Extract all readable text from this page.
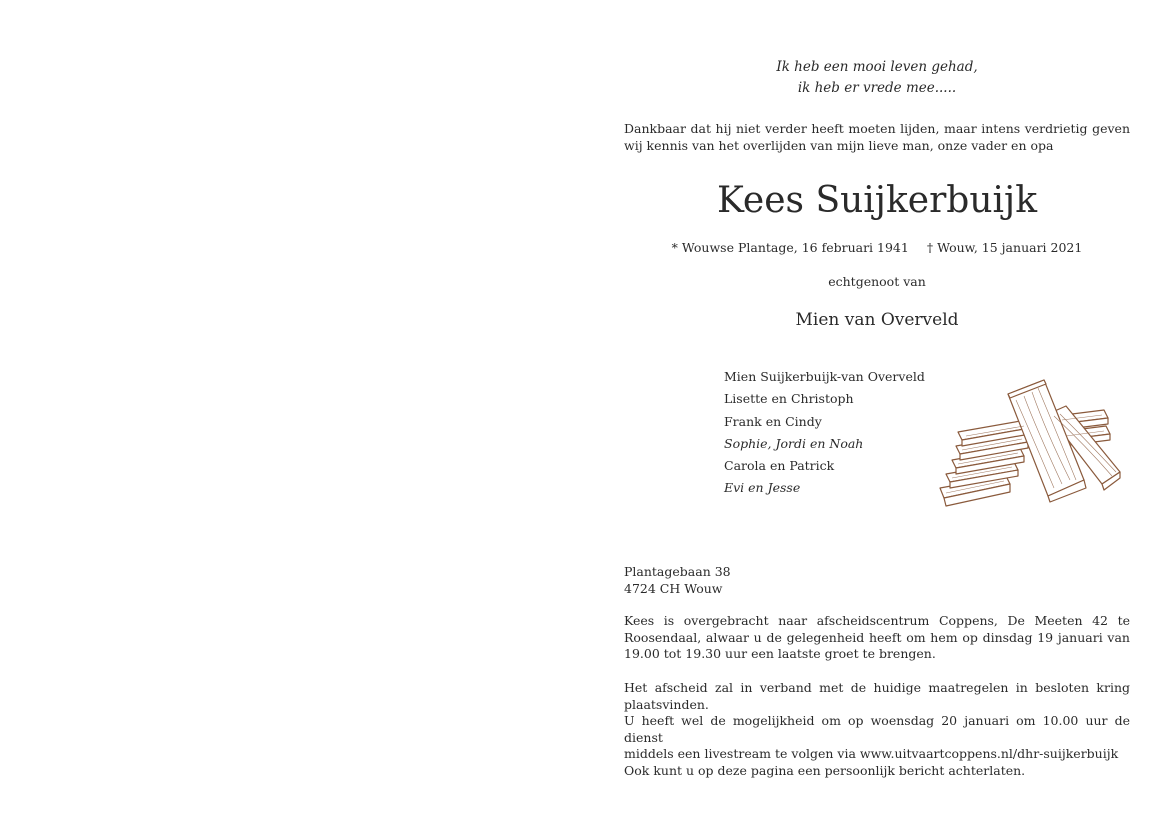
Ik heb een mooi leven gehad,
ik heb er vrede mee.....
Dankbaar dat hij niet verder heeft moeten lijden, maar intens verdrietig geven wij kennis van het overlijden van mijn lieve man, onze vader en opa
Kees Suijkerbuijk
* Wouwse Plantage, 16 februari 1941 † Wouw, 15 januari 2021
echtgenoot van
Mien van Overveld
Mien Suijkerbuijk-van Overveld
Lisette en Christoph
Frank en Cindy
Sophie, Jordi en Noah
Carola en Patrick
Evi en Jesse
Plantagebaan 38
4724 CH Wouw
Kees is overgebracht naar afscheidscentrum Coppens, De Meeten 42 te Roosendaal, alwaar u de gelegenheid heeft om hem op dinsdag 19 januari van 19.00 tot 19.30 uur een laatste groet te brengen.
Het afscheid zal in verband met de huidige maatregelen in besloten kring plaatsvinden.
U heeft wel de mogelijkheid om op woensdag 20 januari om 10.00 uur de dienst
middels een livestream te volgen via www.uitvaartcoppens.nl/dhr-suijkerbuijk
Ook kunt u op deze pagina een persoonlijk bericht achterlaten.
